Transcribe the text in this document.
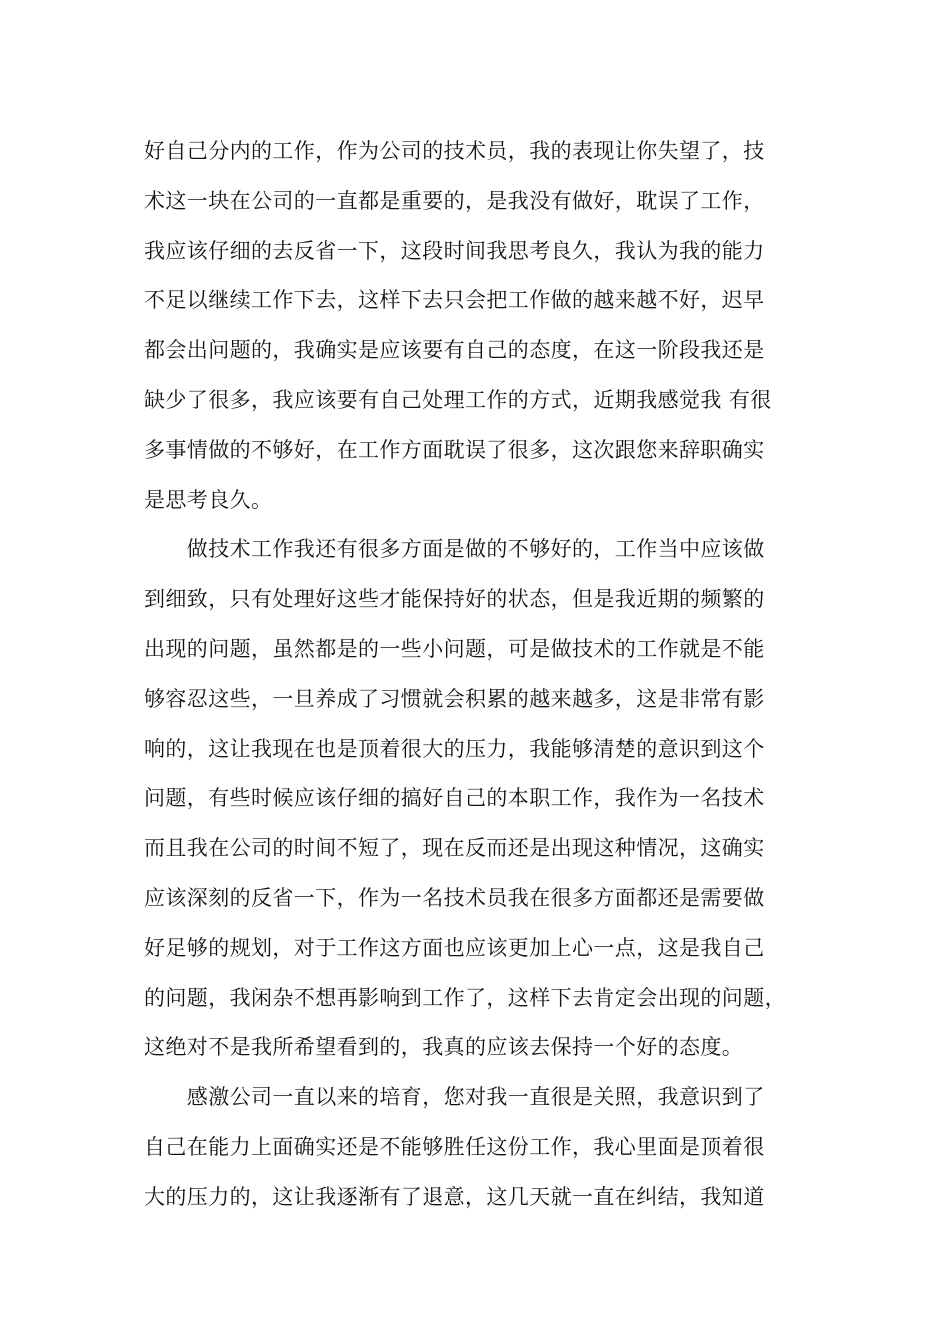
好自己分内的工作，作为公司的技术员，我的表现让你失望了，技
术这一块在公司的一直都是重要的，是我没有做好，耽误了工作，
我应该仔细的去反省一下，这段时间我思考良久，我认为我的能力
不足以继续工作下去，这样下去只会把工作做的越来越不好，迟早
都会出问题的，我确实是应该要有自己的态度，在这一阶段我还是
缺少了很多，我应该要有自己处理工作的方式，近期我感觉我 有很
多事情做的不够好，在工作方面耽误了很多，这次跟您来辞职确实
是思考良久。
　　做技术工作我还有很多方面是做的不够好的，工作当中应该做
到细致，只有处理好这些才能保持好的状态，但是我近期的频繁的
出现的问题，虽然都是的一些小问题，可是做技术的工作就是不能
够容忍这些，一旦养成了习惯就会积累的越来越多，这是非常有影
响的，这让我现在也是顶着很大的压力，我能够清楚的意识到这个
问题，有些时候应该仔细的搞好自己的本职工作，我作为一名技术
而且我在公司的时间不短了，现在反而还是出现这种情况，这确实
应该深刻的反省一下，作为一名技术员我在很多方面都还是需要做
好足够的规划，对于工作这方面也应该更加上心一点，这是我自己
的问题，我闲杂不想再影响到工作了，这样下去肯定会出现的问题，
这绝对不是我所希望看到的，我真的应该去保持一个好的态度。
　　感激公司一直以来的培育，您对我一直很是关照，我意识到了
自己在能力上面确实还是不能够胜任这份工作，我心里面是顶着很
大的压力的，这让我逐渐有了退意，这几天就一直在纠结，我知道
